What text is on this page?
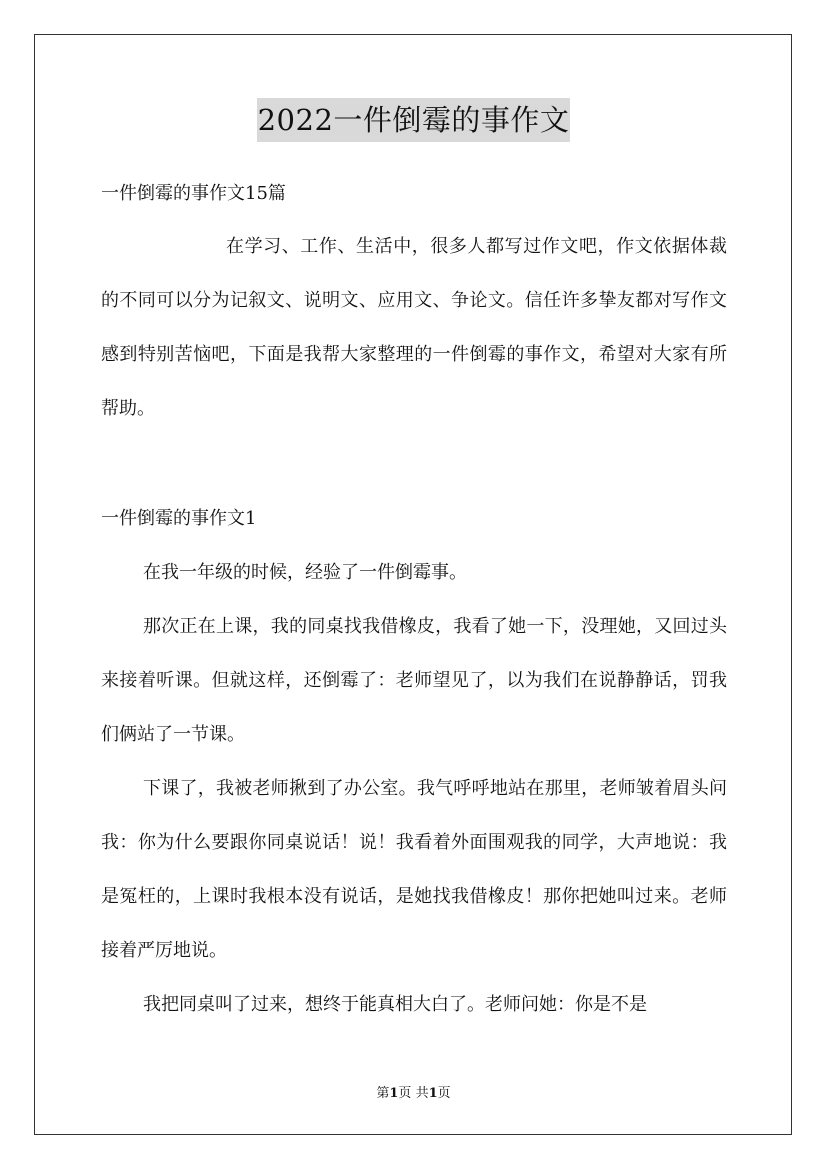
2022一件倒霉的事作文
一件倒霉的事作文15篇

在学习、工作、生活中，很多人都写过作文吧，作文依据体裁的不同可以分为记叙文、说明文、应用文、争论文。信任许多挚友都对写作文感到特别苦恼吧，下面是我帮大家整理的一件倒霉的事作文，希望对大家有所帮助。

一件倒霉的事作文1

在我一年级的时候，经验了一件倒霉事。

那次正在上课，我的同桌找我借橡皮，我看了她一下，没理她，又回过头来接着听课。但就这样，还倒霉了：老师望见了，以为我们在说静静话，罚我们俩站了一节课。

下课了，我被老师揪到了办公室。我气呼呼地站在那里，老师皱着眉头问我：你为什么要跟你同桌说话！说！我看着外面围观我的同学，大声地说：我是冤枉的，上课时我根本没有说话，是她找我借橡皮！那你把她叫过来。老师接着严厉地说。

我把同桌叫了过来，想终于能真相大白了。老师问她：你是不是

第1页 共1页
